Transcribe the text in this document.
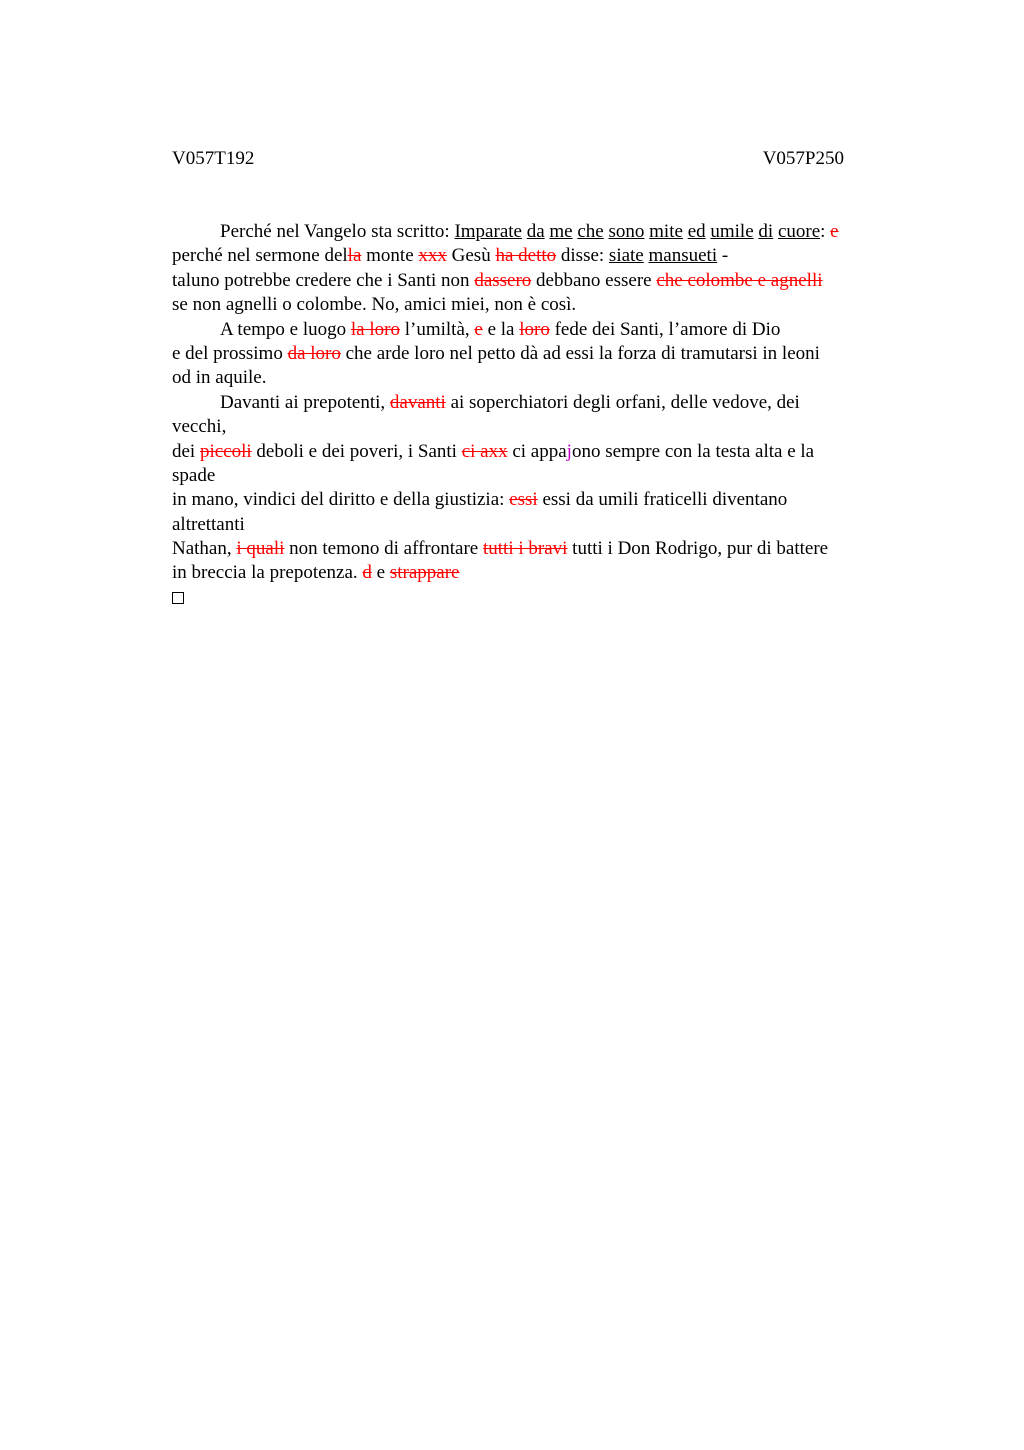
V057T192	V057P250
Perché nel Vangelo sta scritto: Imparate da me che sono mite ed umile di cuore: e
perché nel sermone della monte xxx Gesù ha detto disse: siate mansueti -
taluno potrebbe credere che i Santi non dassero debbano essere che colombe e agnelli
se non agnelli o colombe. No, amici miei, non è così.
A tempo e luogo la loro l’umiltà, e e la loro fede dei Santi, l’amore di Dio
e del prossimo da loro che arde loro nel petto dà ad essi la forza di tramutarsi in leoni
od in aquile.
Davanti ai prepotenti, davanti ai soperchiatori degli orfani, delle vedove, dei
vecchi,
dei piccoli deboli e dei poveri, i Santi ci axx ci appajono sempre con la testa alta e la
spade
in mano, vindici del diritto e della giustizia: essi essi da umili fraticelli diventano
altrettanti
Nathan, i quali non temono di affrontare tutti i bravi tutti i Don Rodrigo, pur di battere
in breccia la prepotenza. d e strappare
